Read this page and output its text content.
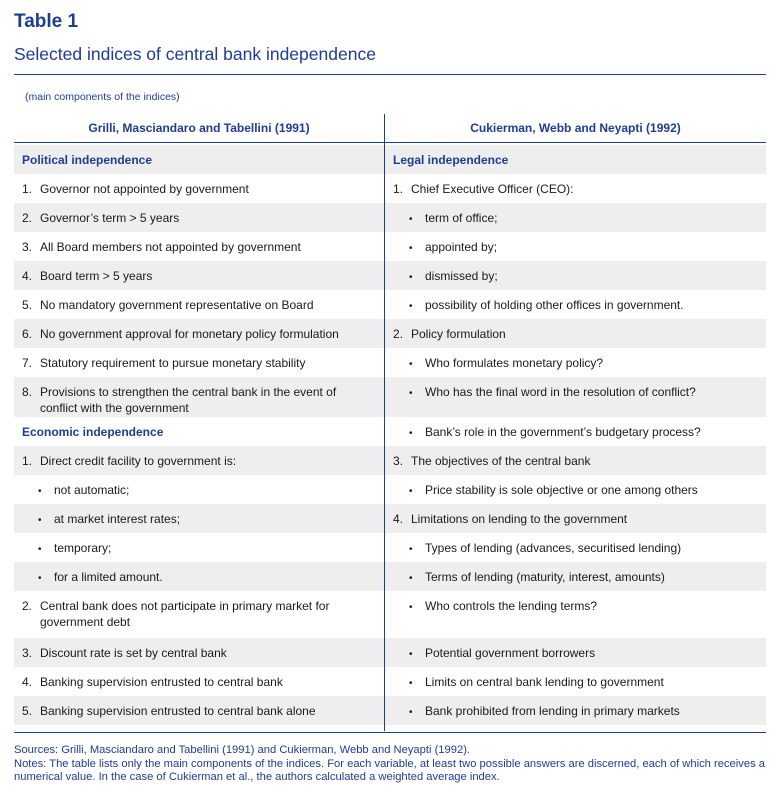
Table 1
Selected indices of central bank independence
(main components of the indices)
Grilli, Masciandaro and Tabellini (1991)	Cukierman, Webb and Neyapti (1992)
Political independence
1. Governor not appointed by government
2. Governor’s term > 5 years
3. All Board members not appointed by government
4. Board term > 5 years
5. No mandatory government representative on Board
6. No government approval for monetary policy formulation
7. Statutory requirement to pursue monetary stability
8. Provisions to strengthen the central bank in the event of conflict with the government
Economic independence
1. Direct credit facility to government is:
• not automatic;
• at market interest rates;
• temporary;
• for a limited amount.
2. Central bank does not participate in primary market for government debt
3. Discount rate is set by central bank
4. Banking supervision entrusted to central bank
5. Banking supervision entrusted to central bank alone
Legal independence
1. Chief Executive Officer (CEO):
• term of office;
• appointed by;
• dismissed by;
• possibility of holding other offices in government.
2. Policy formulation
• Who formulates monetary policy?
• Who has the final word in the resolution of conflict?
• Bank’s role in the government’s budgetary process?
3. The objectives of the central bank
• Price stability is sole objective or one among others
4. Limitations on lending to the government
• Types of lending (advances, securitised lending)
• Terms of lending (maturity, interest, amounts)
• Who controls the lending terms?
• Potential government borrowers
• Limits on central bank lending to government
• Bank prohibited from lending in primary markets
Sources: Grilli, Masciandaro and Tabellini (1991) and Cukierman, Webb and Neyapti (1992).
Notes: The table lists only the main components of the indices. For each variable, at least two possible answers are discerned, each of which receives a numerical value. In the case of Cukierman et al., the authors calculated a weighted average index.
